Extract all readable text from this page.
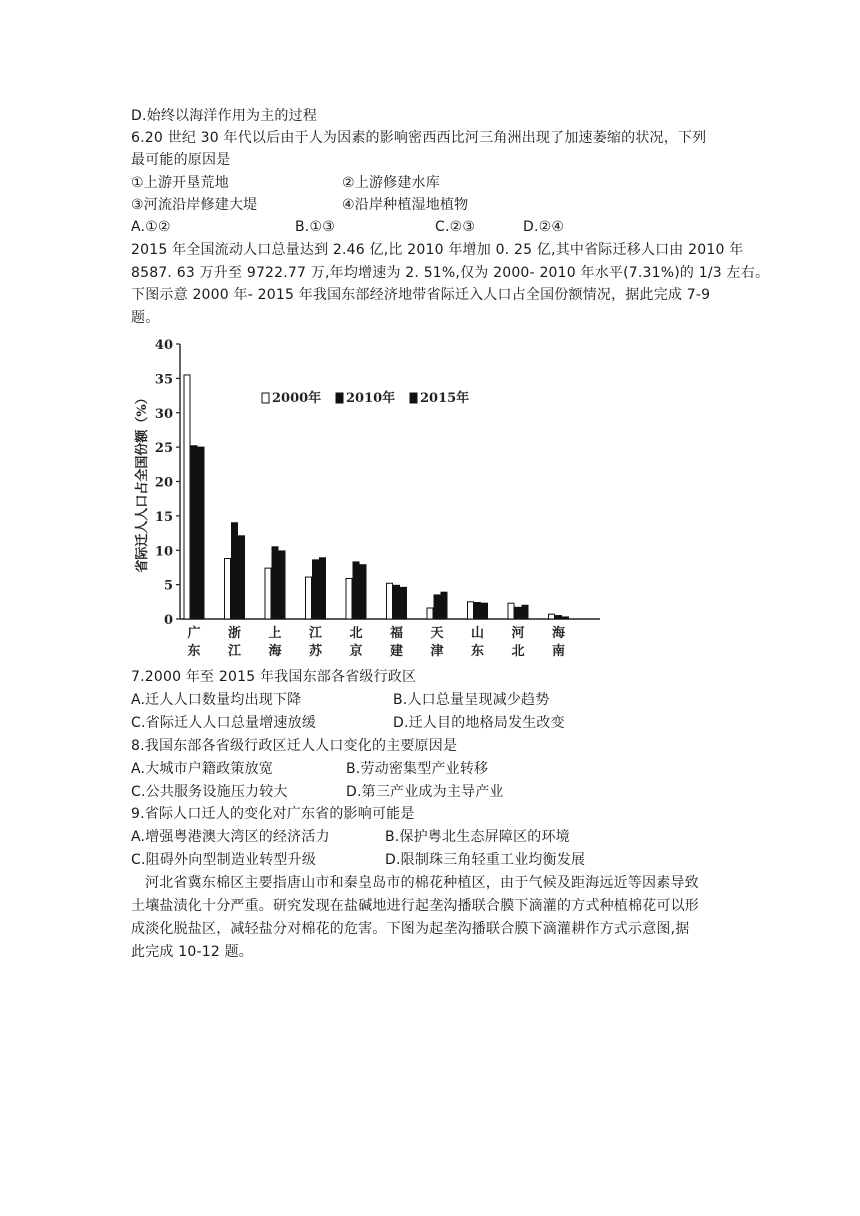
D.始终以海洋作用为主的过程
6.20 世纪 30 年代以后由于人为因素的影响密西西比河三角洲出现了加速萎缩的状况，下列
最可能的原因是
①上游开垦荒地	②上游修建水库
③河流沿岸修建大堤	④沿岸种植湿地植物
A.①②	B.①③	C.②③	D.②④
2015 年全国流动人口总量达到 2.46 亿,比 2010 年增加 0. 25 亿,其中省际迁移人口由 2010 年
8587. 63 万升至 9722.77 万,年均增速为 2. 51%,仅为 2000- 2010 年水平(7.31%)的 1/3 左右。
下图示意 2000 年- 2015 年我国东部经济地带省际迁入人口占全国份额情况，据此完成 7-9
题。
0
5
10
15
20
25
30
35
40
省际迁人人口占全国份额（%）
广
东
浙
江
上
海
江
苏
北
京
福
建
天
津
山
东
河
北
海
南
2000年 2010年 2015年
7.2000 年至 2015 年我国东部各省级行政区
A.迁人人口数量均出现下降	B.人口总量呈现减少趋势
C.省际迁人人口总量增速放缓	D.迁人目的地格局发生改变
8.我国东部各省级行政区迁人人口变化的主要原因是
A.大城市户籍政策放宽	B.劳动密集型产业转移
C.公共服务设施压力较大	D.第三产业成为主导产业
9.省际人口迁人的变化对广东省的影响可能是
A.增强粤港澳大湾区的经济活力	B.保护粤北生态屏障区的环境
C.阻碍外向型制造业转型升级	D.限制珠三角轻重工业均衡发展
河北省冀东棉区主要指唐山市和秦皇岛市的棉花种植区，由于气候及距海远近等因素导致
土壤盐渍化十分严重。研究发现在盐碱地进行起垄沟播联合膜下滴灌的方式种植棉花可以形
成淡化脱盐区，减轻盐分对棉花的危害。下图为起垄沟播联合膜下滴灌耕作方式示意图,据
此完成 10-12 题。
